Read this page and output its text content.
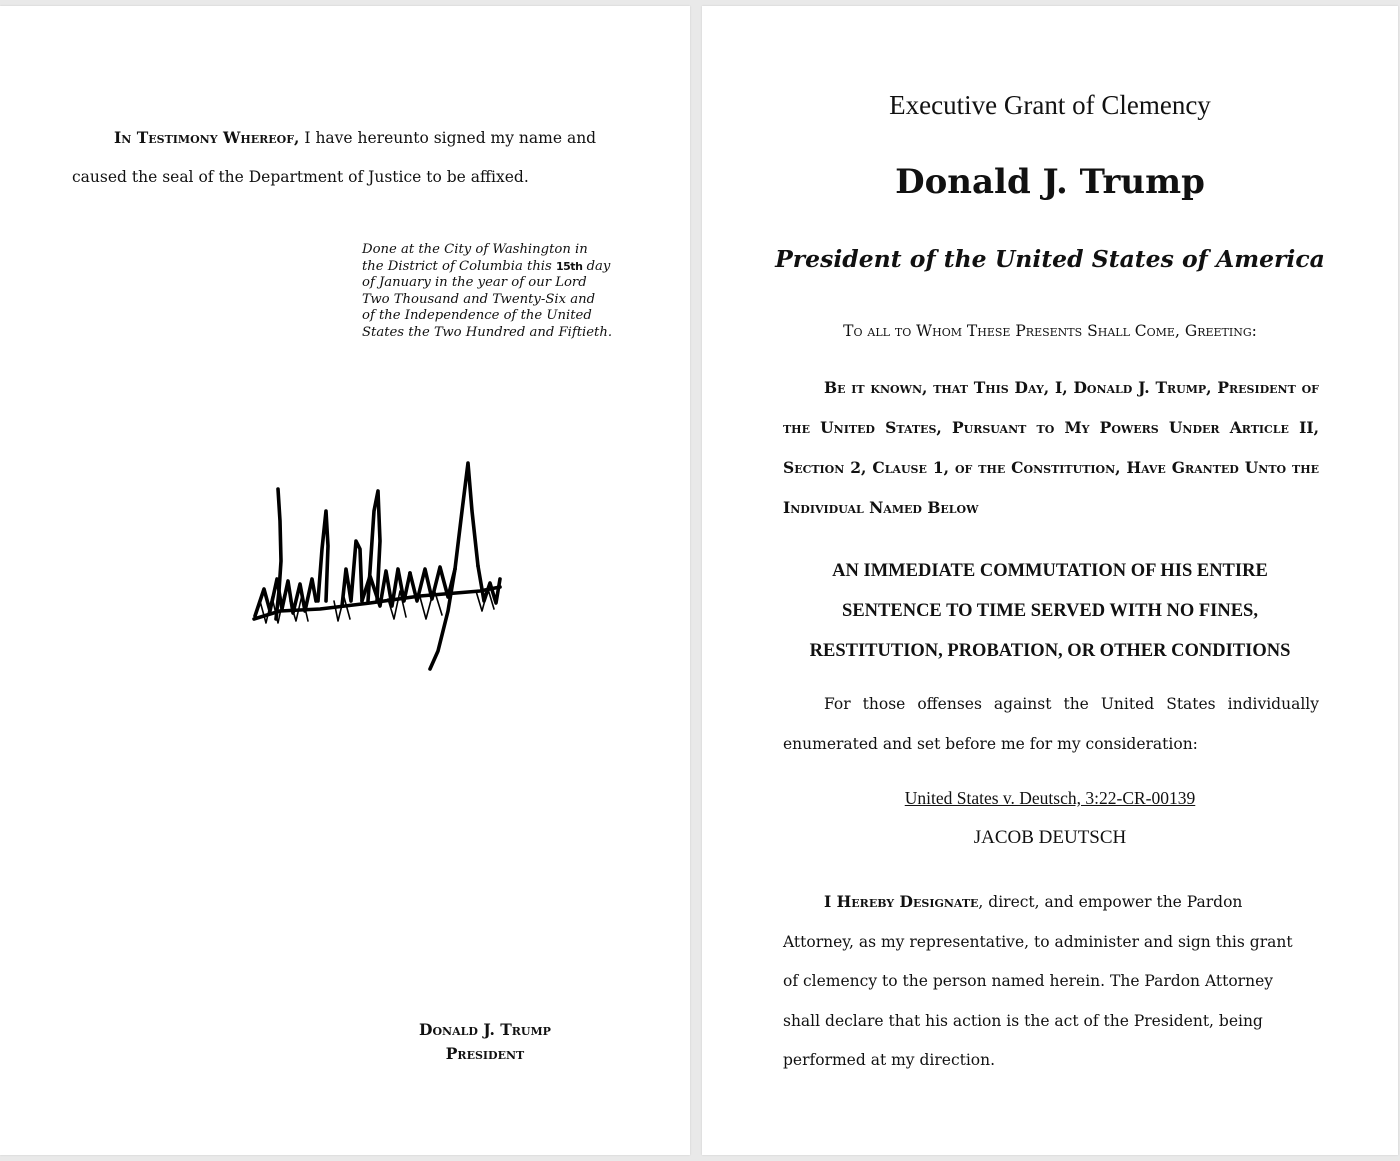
In Testimony Whereof, I have hereunto signed my name and
caused the seal of the Department of Justice to be affixed.
Done at the City of Washington in the District of Columbia this 15th day of January in the year of our Lord Two Thousand and Twenty-Six and of the Independence of the United States the Two Hundred and Fiftieth.
Donald J. Trump
President
Executive Grant of Clemency
Donald J. Trump
President of the United States of America
To all to Whom These Presents Shall Come, Greeting:

Be it known, that This Day, I, Donald J. Trump, President of the United States, Pursuant to My Powers Under Article II, Section 2, Clause 1, of the Constitution, Have Granted Unto the Individual Named Below

AN IMMEDIATE COMMUTATION OF HIS ENTIRE
SENTENCE TO TIME SERVED WITH NO FINES,
RESTITUTION, PROBATION, OR OTHER CONDITIONS

For those offenses against the United States individually enumerated and set before me for my consideration:

United States v. Deutsch, 3:22-CR-00139
JACOB DEUTSCH

I Hereby Designate, direct, and empower the Pardon Attorney, as my representative, to administer and sign this grant of clemency to the person named herein. The Pardon Attorney shall declare that his action is the act of the President, being performed at my direction.
